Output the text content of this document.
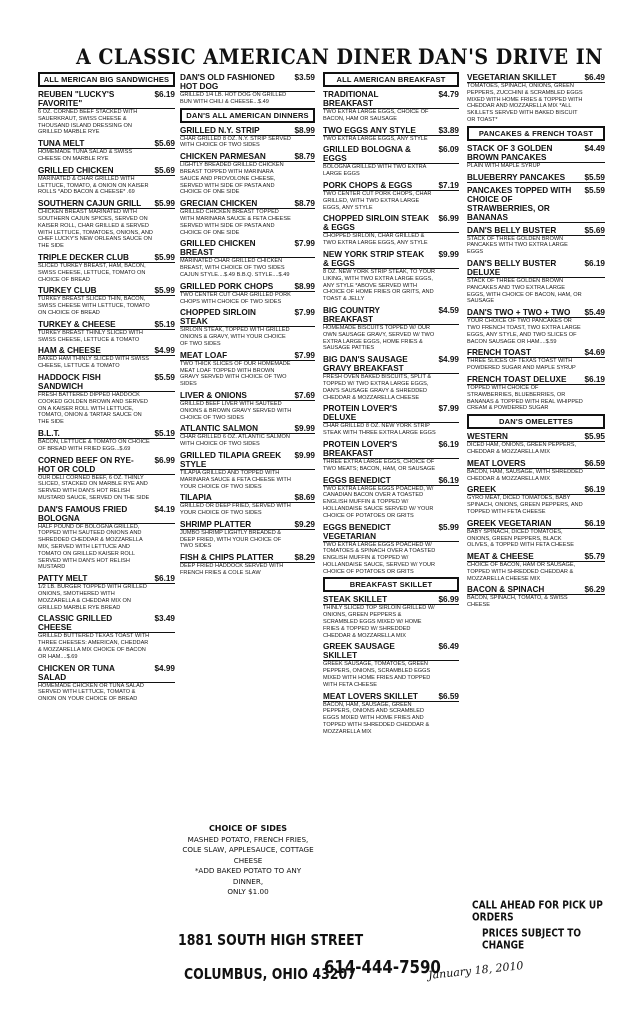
A CLASSIC AMERICAN DINER DAN'S DRIVE IN
ALL MERICAN BIG SANDWICHES
REUBEN "LUCKY'S FAVORITE"
$6.19
6 OZ. CORNED BEEF STACKED WITH SAUERKRAUT, SWISS CHEESE & THOUSAND ISLAND DRESSING ON GRILLED MARBLE RYE
TUNA MELT	$5.69
HOMEMADE TUNA SALAD & SWISS CHEESE ON MARBLE RYE
GRILLED CHICKEN	$5.69
MARINATED & CHAR GRILLED WITH LETTUCE, TOMATO, & ONION ON KAISER ROLLS *ADD BACON & CHEESE* .69
SOUTHERN CAJUN GRILL	$5.99
CHICKEN BREAST MARINATED WITH SOUTHERN CAJUN SPICES, SERVED ON KAISER ROLL, CHAR GRILLED & SERVED WITH LETTUCE, TOMATOES, ONIONS, AND CHEF LUCKY'S NEW ORLEANS SAUCE ON THE SIDE
TRIPLE DECKER CLUB	$5.99
SLICED TURKEY BREAST, HAM, BACON, SWISS CHEESE, LETTUCE, TOMATO ON CHOICE OF BREAD
TURKEY CLUB	$5.99
TURKEY BREAST SLICED THIN, BACON, SWISS CHEESE WITH LETTUCE, TOMATO ON CHOICE OF BREAD
TURKEY & CHEESE	$5.19
TURKEY BREAST THINLY SLICED WITH SWISS CHEESE, LETTUCE & TOMATO
HAM & CHEESE	$4.99
BAKED HAM THINLY SLICED WITH SWISS CHEESE, LETTUCE & TOMATO
HADDOCK FISH SANDWICH
$5.59
FRESH BATTERED DIPPED HADDOCK COOKED GOLDEN BROWN AND SERVED ON A KAISER ROLL WITH LETTUCE, TOMATO, ONION & TARTAR SAUCE ON THE SIDE
B.L.T.	$5.19
BACON, LETTUCE & TOMATO ON CHOICE OF BREAD WITH FRIED EGG...$.69
CORNED BEEF ON RYE-HOT OR COLD
$6.99
OUR DELI CORNED BEEF, 6 OZ. THINLY SLICED, STACKED ON MARBLE RYE AND SERVED WITH DAN'S HOT RELISH MUSTARD SAUCE, SERVED ON THE SIDE
DAN'S FAMOUS FRIED BOLOGNA
$4.19
HALF POUND OF BOLOGNA GRILLED, TOPPED WITH SAUTEED ONIONS AND SHREDDED CHEDDAR & MOZZARELLA MIX, SERVED WITH LETTUCE AND TOMATO ON GRILLED KAISER ROLL SERVED WITH DAN'S HOT RELISH MUSTARD
PATTY MELT	$6.19
1/2 LB. BURGER TOPPED WITH GRILLED ONIONS, SMOTHERED WITH MOZZARELLA & CHEDDAR MIX ON GRILLED MARBLE RYE BREAD
CLASSIC GRILLED CHEESE
$3.49
GRILLED BUTTERED TEXAS TOAST WITH THREE CHEESES: AMERICAN, CHEDDAR & MOZZARELLA MIX CHOICE OF BACON OR HAM....$.69
CHICKEN OR TUNA SALAD
$4.99
HOMEMADE CHICKEN OR TUNA SALAD SERVED WITH LETTUCE, TOMATO & ONION ON YOUR CHOICE OF BREAD
DAN'S OLD FASHIONED HOT DOG
$3.59
GRILLED 1/4 LB. HOT DOG ON GRILLED BUN WITH CHILI & CHEESE...$.49
DAN'S ALL AMERICAN DINNERS
GRILLED N.Y. STRIP	$8.99
CHAR GRILLED 8 OZ. N.Y. STRIP SERVED WITH CHOICE OF TWO SIDES
CHICKEN PARMESAN	$8.79
LIGHTLY BREADED GRILLED CHICKEN BREAST TOPPED WITH MARINARA SAUCE AND PROVOLONE CHEESE, SERVED WITH SIDE OF PASTA AND CHOICE OF ONE SIDE
GRECIAN CHICKEN	$8.79
GRILLED CHICKEN BREAST TOPPED WITH MARINARA SAUCE & FETA CHEESE SERVED WITH SIDE OF PASTA AND CHOICE OF ONE SIDE
GRILLED CHICKEN BREAST
$7.99
MARINATED CHAR GRILLED CHICKEN BREAST, WITH CHOICE OF TWO SIDES CAJUN STYLE....$.49 B.B.Q. STYLE....$.49
GRILLED PORK CHOPS	$8.99
TWO CENTER CUT CHAR GRILLED PORK CHOPS WITH CHOICE OF TWO SIDES
CHOPPED SIRLOIN STEAK
$7.99
SIRLOIN STEAK, TOPPED WITH GRILLED ONIONS & GRAVY, WITH YOUR CHOICE OF TWO SIDES
MEAT LOAF	$7.99
TWO THICK SLICES OF OUR HOMEMADE MEAT LOAF TOPPED WITH BROWN GRAVY SERVED WITH CHOICE OF TWO SIDES
LIVER & ONIONS	$7.69
GRILLED BEEF LIVER WITH SAUTEED ONIONS & BROWN GRAVY SERVED WITH CHOICE OF TWO SIDES
ATLANTIC SALMON	$9.99
CHAR GRILLED 6 OZ. ATLANTIC SALMON WITH CHOICE OF TWO SIDES
GRILLED TILAPIA GREEK STYLE
$9.99
TILAPIA GRILLED AND TOPPED WITH MARINARA SAUCE & FETA CHEESE WITH YOUR CHOICE OF TWO SIDES
TILAPIA	$8.69
GRILLED OR DEEP FRIED, SERVED WITH YOUR CHOICE OF TWO SIDES
SHRIMP PLATTER	$9.29
JUMBO SHRIMP LIGHTLY BREADED & DEEP FRIED, WITH YOUR CHOICE OF TWO SIDES
FISH & CHIPS PLATTER	$8.29
DEEP FRIED HADDOCK SERVED WITH FRENCH FRIES & COLE SLAW
ALL AMERICAN BREAKFAST
TRADITIONAL BREAKFAST
$4.79
TWO EXTRA LARGE EGGS, CHOICE OF BACON, HAM OR SAUSAGE
TWO EGGS ANY STYLE	$3.89
TWO EXTRA LARGE EGGS, ANY STYLE
GRILLED BOLOGNA & EGGS
$6.09
BOLOGNA GRILLED WITH TWO EXTRA LARGE EGGS
PORK CHOPS & EGGS	$7.19
TWO CENTER CUT PORK CHOPS, CHAR GRILLED, WITH TWO EXTRA LARGE EGGS, ANY STYLE
CHOPPED SIRLOIN STEAK & EGGS
$6.99
CHOPPED SIRLOIN, CHAR GRILLED & TWO EXTRA LARGE EGGS, ANY STYLE
NEW YORK STRIP STEAK & EGGS
$9.99
8 OZ. NEW YORK STRIP STEAK, TO YOUR LIKING, WITH TWO EXTRA LARGE EGGS, ANY STYLE *ABOVE SERVED WITH CHOICE OF HOME FRIES OR GRITS, AND TOAST & JELLY
BIG COUNTRY BREAKFAST
$4.59
HOMEMADE BISCUITS TOPPED W/ OUR OWN SAUSAGE GRAVY, SERVED W/ TWO EXTRA LARGE EGGS, HOME FRIES & SAUSAGE PATTIES
BIG DAN'S SAUSAGE GRAVY BREAKFAST
$4.99
FRESH OVEN BAKED BISCUITS, SPLIT & TOPPED W/ TWO EXTRA LARGE EGGS, DAN'S SAUSAGE GRAVY & SHREDDED CHEDDAR & MOZZARELLA CHEESE
PROTEIN LOVER'S DELUXE
$7.99
CHAR GRILLED 8 OZ. NEW YORK STRIP STEAK WITH THREE EXTRA LARGE EGGS
PROTEIN LOVER'S BREAKFAST
$6.19
THREE EXTRA LARGE EGGS, CHOICE OF TWO MEATS; BACON, HAM, OR SAUSAGE
EGGS BENEDICT	$6.19
TWO EXTRA LARGE EGGS POACHED, W/ CANADIAN BACON OVER A TOASTED ENGLISH MUFFIN & TOPPED W/ HOLLANDAISE SAUCE SERVED W/ YOUR CHOICE OF POTATOES OR GRITS
EGGS BENEDICT VEGETARIAN
$5.99
TWO EXTRA LARGE EGGS POACHED W/ TOMATOES & SPINACH OVER A TOASTED ENGLISH MUFFIN & TOPPED W/ HOLLANDAISE SAUCE, SERVED W/ YOUR CHOICE OF POTATOES OR GRITS
BREAKFAST SKILLET
STEAK SKILLET	$6.99
THINLY SLICED TOP SIRLOIN GRILLED W/ ONIONS, GREEN PEPPERS & SCRAMBLED EGGS MIXED W/ HOME FRIES & TOPPED W/ SHREDDED CHEDDAR & MOZZARELLA MIX
GREEK SAUSAGE SKILLET
$6.49
GREEK SAUSAGE, TOMATOES, GREEN PEPPERS, ONIONS, SCRAMBLED EGGS MIXED WITH HOME FRIES AND TOPPED WITH FETA CHEESE
MEAT LOVERS SKILLET	$6.59
BACON, HAM, SAUSAGE, GREEN PEPPERS, ONIONS AND SCRAMBLED EGGS MIXED WITH HOME FRIES AND TOPPED WITH SHREDDED CHEDDAR & MOZZARELLA MIX
VEGETARIAN SKILLET	$6.49
TOMATOES, SPINACH, ONIONS, GREEN PEPPERS, ZUCCHINI & SCRAMBLED EGGS MIXED WITH HOME FRIES & TOPPED WITH CHEDDAR AND MOZZARELLA MIX *ALL SKILLETS SERVED WITH BAKED BISCUIT OR TOAST*
PANCAKES & FRENCH TOAST
STACK OF 3 GOLDEN BROWN PANCAKES
$4.49
PLAIN WITH MAPLE SYRUP
BLUEBERRY PANCAKES	$5.59
PANCAKES TOPPED WITH CHOICE OF STRAWBERRIES, OR BANANAS
$5.59
DAN'S BELLY BUSTER	$5.69
STACK OF THREE GOLDEN BROWN PANCAKES WITH TWO EXTRA LARGE EGGS
DAN'S BELLY BUSTER DELUXE
$6.19
STACK OF THREE GOLDEN BROWN PANCAKES AND TWO EXTRA LARGE EGGS, WITH CHOICE OF BACON, HAM, OR SAUSAGE
DAN'S TWO + TWO + TWO	$5.49
YOUR CHOICE OF TWO PANCAKES OR TWO FRENCH TOAST, TWO EXTRA LARGE EGGS, ANY STYLE, AND TWO SLICES OF BACON SAUSAGE OR HAM....$.59
FRENCH TOAST	$4.69
THREE SLICES OF TEXAS TOAST WITH POWDERED SUGAR AND MAPLE SYRUP
FRENCH TOAST DELUXE	$6.19
TOPPED WITH CHOICE OF STRAWBERRIES, BLUEBERRIES, OR BANANAS & TOPPED WITH REAL WHIPPED CREAM & POWDERED SUGAR
DAN'S OMELETTES
WESTERN	$5.95
DICED HAM, ONIONS, GREEN PEPPERS, CHEDDAR & MOZZARELLA MIX
MEAT LOVERS	$6.59
BACON, HAM, SAUSAGE, WITH SHREDDED CHEDDAR & MOZZARELLA MIX
GREEK	$6.19
GYRO MEAT, DICED TOMATOES, BABY SPINACH, ONIONS, GREEN PEPPERS, AND TOPPED WITH FETA CHEESE
GREEK VEGETARIAN	$6.19
BABY SPINACH, DICED TOMATOES, ONIONS, GREEN PEPPERS, BLACK OLIVES, & TOPPED WITH FETA CHEESE
MEAT & CHEESE	$5.79
CHOICE OF BACON, HAM OR SAUSAGE, TOPPED WITH SHREDDED CHEDDAR & MOZZARELLA CHEESE MIX
BACON & SPINACH	$6.29
BACON, SPINACH, TOMATO, & SWISS CHEESE
CHOICE OF SIDES
MASHED POTATO, FRENCH FRIES,
COLE SLAW, APPLESAUCE, COTTAGE CHEESE
*ADD BAKED POTATO TO ANY DINNER,
ONLY $1.00
CALL AHEAD FOR PICK UP ORDERS
PRICES SUBJECT TO CHANGE
1881 SOUTH HIGH STREET
COLUMBUS, OHIO 43207
614-444-7590
January 18, 2010
